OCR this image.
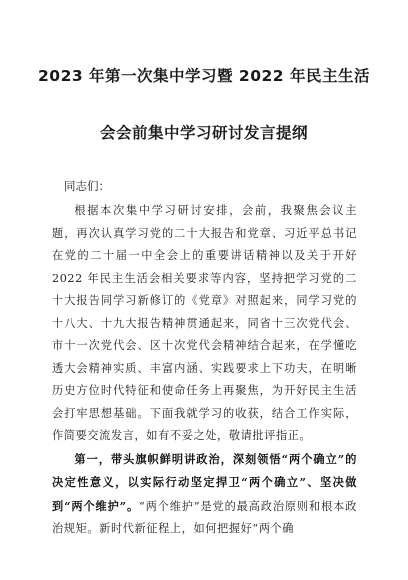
2023 年第一次集中学习暨 2022 年民主生活
会会前集中学习研讨发言提纲
同志们：

根据本次集中学习研讨安排，会前，我聚焦会议主题，再次认真学习党的二十大报告和党章、习近平总书记在党的二十届一中全会上的重要讲话精神以及关于开好 2022 年民主生活会相关要求等内容，坚持把学习党的二十大报告同学习新修订的《党章》对照起来，同学习党的十八大、十九大报告精神贯通起来，同省十三次党代会、市十一次党代会、区十次党代会精神结合起来，在学懂吃透大会精神实质、丰富内涵、实践要求上下功夫，在明晰历史方位时代特征和使命任务上再聚焦，为开好民主生活会打牢思想基础。下面我就学习的收获，结合工作实际，作简要交流发言，如有不妥之处，敬请批评指正。

第一，带头旗帜鲜明讲政治，深刻领悟“两个确立”的决定性意义，以实际行动坚定捍卫“两个确立”、坚决做到“两个维护”。“两个维护”是党的最高政治原则和根本政治规矩。新时代新征程上，如何把握好“两个确
